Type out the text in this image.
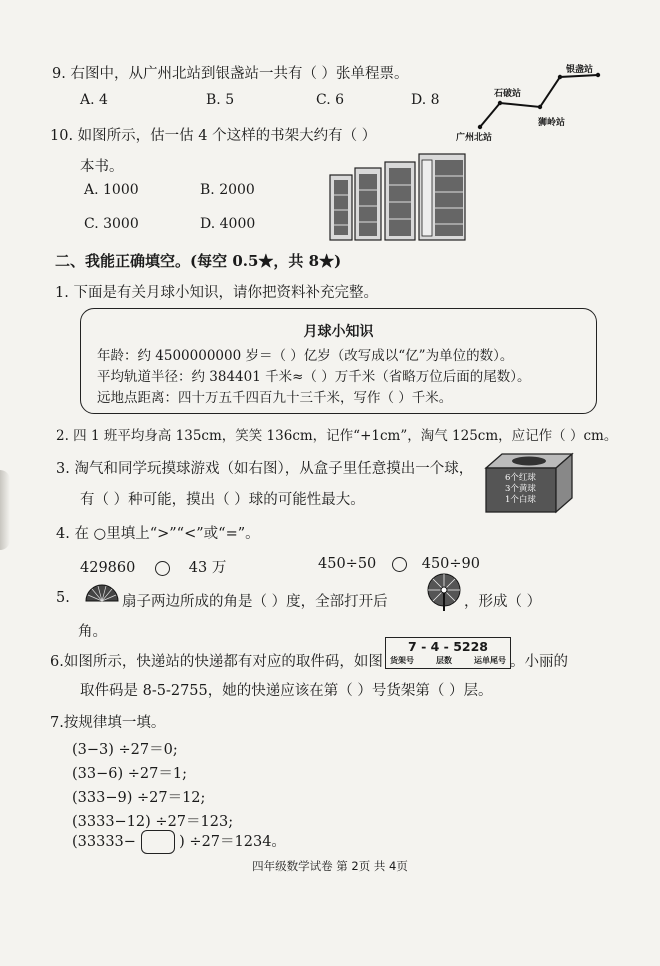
9. 右图中，从广州北站到银盏站一共有（ ）张单程票。
A. 4	B. 5	C. 6	D. 8
银盏站
石破站
狮岭站
广州北站
10. 如图所示，估一估 4 个这样的书架大约有（ ）
本书。
A. 1000	B. 2000
C. 3000	D. 4000
二、我能正确填空。(每空 0.5★，共 8★)
1. 下面是有关月球小知识，请你把资料补充完整。
月球小知识
年龄：约 4500000000 岁＝（ ）亿岁（改写成以“亿”为单位的数）。
平均轨道半径：约 384401 千米≈（ ）万千米（省略万位后面的尾数）。
远地点距离：四十万五千四百九十三千米，写作（ ）千米。
2. 四 1 班平均身高 135cm，笑笑 136cm，记作“+1cm”，淘气 125cm，应记作（ ）cm。
3. 淘气和同学玩摸球游戏（如右图），从盒子里任意摸出一个球，
有（ ）种可能，摸出（ ）球的可能性最大。
6个红球
3个黄球
1个白球
4. 在 ○里填上“>”“<”或“=”。
429860	43 万	450÷50	450÷90
5.	扇子两边所成的角是（ ）度，全部打开后	，形成（ ）
角。
6.如图所示，快递站的快递都有对应的取件码，如图
7 - 4 - 5228
货架号	层数	运单尾号 。小丽的
取件码是 8-5-2755，她的快递应该在第（ ）号货架第（ ）层。
7.按规律填一填。
(3−3) ÷27＝0;
(33−6) ÷27＝1;
(333−9) ÷27＝12;
(3333−12) ÷27＝123;
(33333−	) ÷27＝1234。
四年级数学试卷 第 2页 共 4页
